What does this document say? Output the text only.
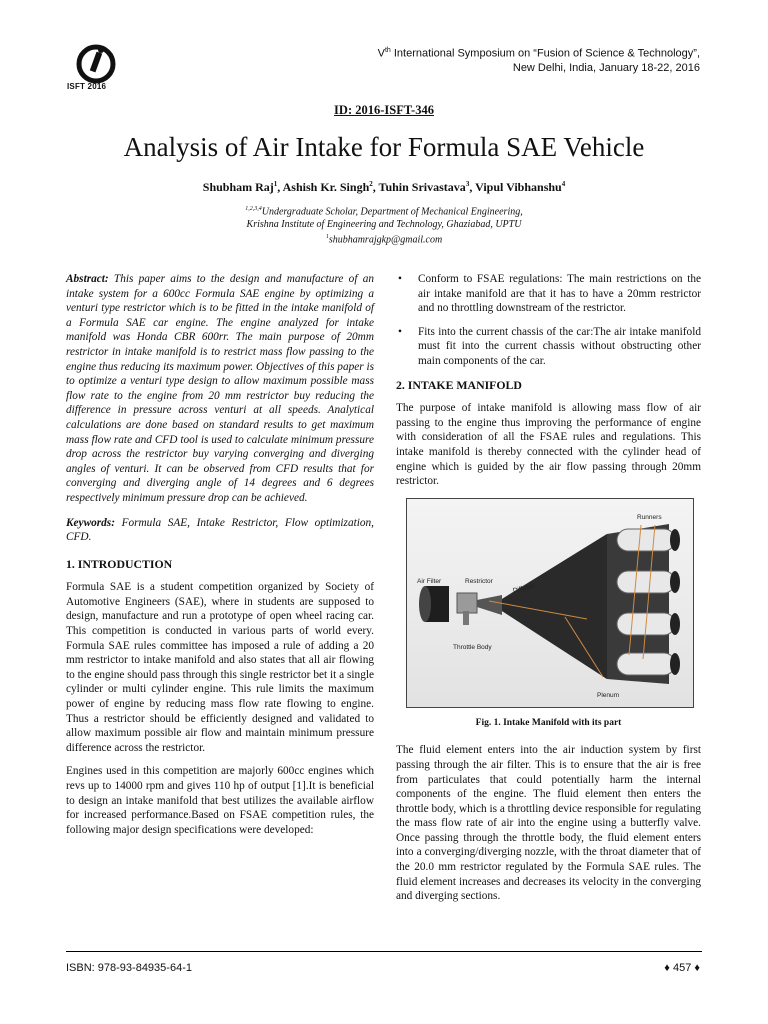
ISFT 2016
Vth International Symposium on “Fusion of Science & Technology”,
New Delhi, India, January 18-22, 2016
ID: 2016-ISFT-346
Analysis of Air Intake for Formula SAE Vehicle
Shubham Raj$^1$, Ashish Kr. Singh$^2$, Tuhin Srivastava$^3$, Vipul Vibhanshu$^4$
$^{1,2,3,4}$Undergraduate Scholar, Department of Mechanical Engineering,
Krishna Institute of Engineering and Technology, Ghaziabad, UPTU
$^1$shubhamrajgkp@gmail.com

Abstract: This paper aims to the design and manufacture of an intake system for a 600cc Formula SAE engine by optimizing a venturi type restrictor which is to be fitted in the intake manifold of a Formula SAE car engine. The engine analyzed for intake manifold was Honda CBR 600rr. The main purpose of 20mm restrictor in intake manifold is to restrict mass flow passing to the engine thus reducing its maximum power. Objectives of this paper is to optimize a venturi type design to allow maximum possible mass flow rate to the engine from 20 mm restrictor buy reducing the difference in pressure across venturi at all speeds. Analytical calculations are done based on standard results to get maximum mass flow rate and CFD tool is used to calculate minimum pressure drop across the restrictor buy varying converging and diverging angles of venturi. It can be observed from CFD results that for converging and diverging angle of 14 degrees and 6 degrees respectively minimum pressure drop can be achieved.

Keywords: Formula SAE, Intake Restrictor, Flow optimization, CFD.

1. INTRODUCTION

Formula SAE is a student competition organized by Society of Automotive Engineers (SAE), where in students are supposed to design, manufacture and run a prototype of open wheel racing car. This competition is conducted in various parts of world every. Formula SAE rules committee has imposed a rule of adding a 20 mm restrictor to intake manifold and also states that all air flowing to the engine should pass through this single restrictor bet it a single cylinder or multi cylinder engine. This rule limits the maximum power of engine by reducing mass flow rate flowing to engine. Thus a restrictor should be efficiently designed and validated to allow maximum possible air flow and maintain minimum pressure difference across the restrictor.

Engines used in this competition are majorly 600cc engines which revs up to 14000 rpm and gives 110 hp of output [1].It is beneficial to design an intake manifold that best utilizes the available airflow for increased performance.Based on FSAE competition rules, the following major design specifications were developed:

• Conform to FSAE regulations: The main restrictions on the air intake manifold are that it has to have a 20mm restrictor and no throttling downstream of the restrictor.
• Fits into the current chassis of the car:The air intake manifold must fit into the current chassis without obstructing other main components of the car.
2. INTAKE MANIFOLD

The purpose of intake manifold is allowing mass flow of air passing to the engine thus improving the performance of engine with consideration of all the FSAE rules and regulations. This intake manifold is thereby connected with the cylinder head of engine which is guided by the air flow passing through 20mm restrictor.

Runners
Air Filter	Restrictor
Diffuser
Throttle Body
Plenum
Fig. 1. Intake Manifold with its part

The fluid element enters into the air induction system by first passing through the air filter. This is to ensure that the air is free from particulates that could potentially harm the internal components of the engine. The fluid element then enters the throttle body, which is a throttling device responsible for regulating the mass flow rate of air into the engine using a butterfly valve. Once passing through the throttle body, the fluid element enters into a converging/diverging nozzle, with the throat diameter that of the 20.0 mm restrictor regulated by the Formula SAE rules. The fluid element increases and decreases its velocity in the converging and diverging sections.

ISBN: 978-93-84935-64-1	♦ 457 ♦
